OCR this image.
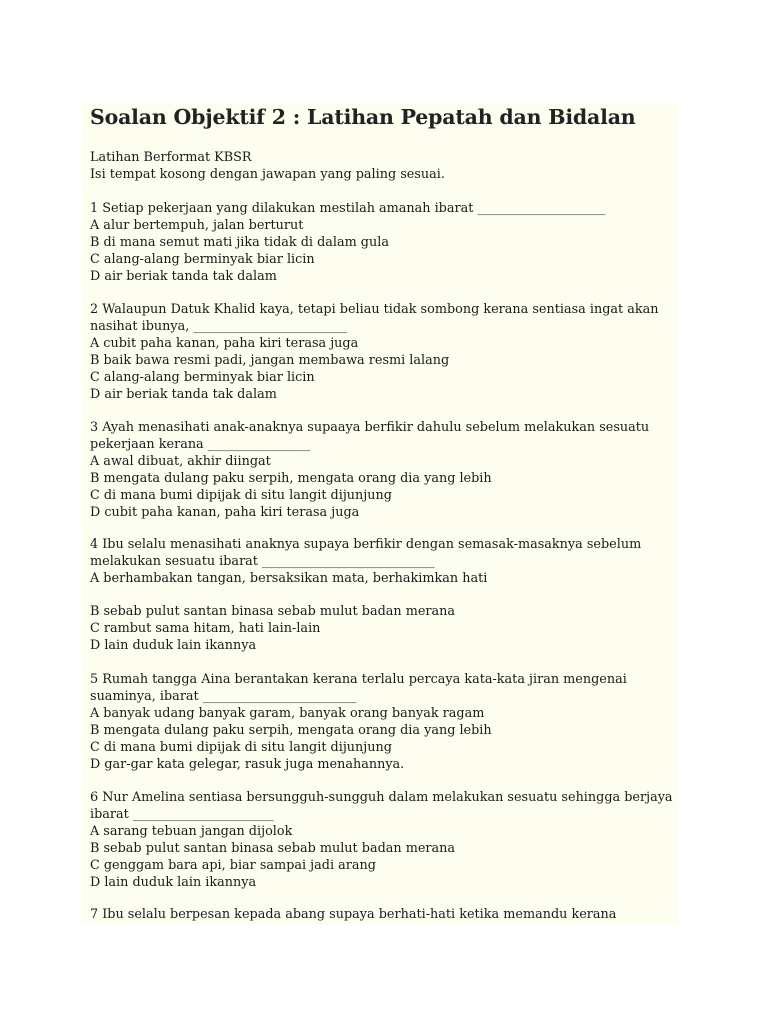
Soalan Objektif 2 : Latihan Pepatah dan Bidalan

Latihan Berformat KBSR

Isi tempat kosong dengan jawapan yang paling sesuai.

1 Setiap pekerjaan yang dilakukan mestilah amanah ibarat ____________________

A alur bertempuh, jalan berturut

B di mana semut mati jika tidak di dalam gula

C alang-alang berminyak biar licin

D air beriak tanda tak dalam

2 Walaupun Datuk Khalid kaya, tetapi beliau tidak sombong kerana sentiasa ingat akan

nasihat ibunya, ________________________

A cubit paha kanan, paha kiri terasa juga

B baik bawa resmi padi, jangan membawa resmi lalang

C alang-alang berminyak biar licin

D air beriak tanda tak dalam

3 Ayah menasihati anak-anaknya supaaya berfikir dahulu sebelum melakukan sesuatu

pekerjaan kerana ________________

A awal dibuat, akhir diingat

B mengata dulang paku serpih, mengata orang dia yang lebih

C di mana bumi dipijak di situ langit dijunjung

D cubit paha kanan, paha kiri terasa juga

4 Ibu selalu menasihati anaknya supaya berfikir dengan semasak-masaknya sebelum

melakukan sesuatu ibarat ___________________________

A berhambakan tangan, bersaksikan mata, berhakimkan hati

B sebab pulut santan binasa sebab mulut badan merana

C rambut sama hitam, hati lain-lain

D lain duduk lain ikannya

5 Rumah tangga Aina berantakan kerana terlalu percaya kata-kata jiran mengenai

suaminya, ibarat ________________________

A banyak udang banyak garam, banyak orang banyak ragam

B mengata dulang paku serpih, mengata orang dia yang lebih

C di mana bumi dipijak di situ langit dijunjung

D gar-gar kata gelegar, rasuk juga menahannya.

6 Nur Amelina sentiasa bersungguh-sungguh dalam melakukan sesuatu sehingga berjaya

ibarat ______________________

A sarang tebuan jangan dijolok

B sebab pulut santan binasa sebab mulut badan merana

C genggam bara api, biar sampai jadi arang

D lain duduk lain ikannya

7 Ibu selalu berpesan kepada abang supaya berhati-hati ketika memandu kerana
